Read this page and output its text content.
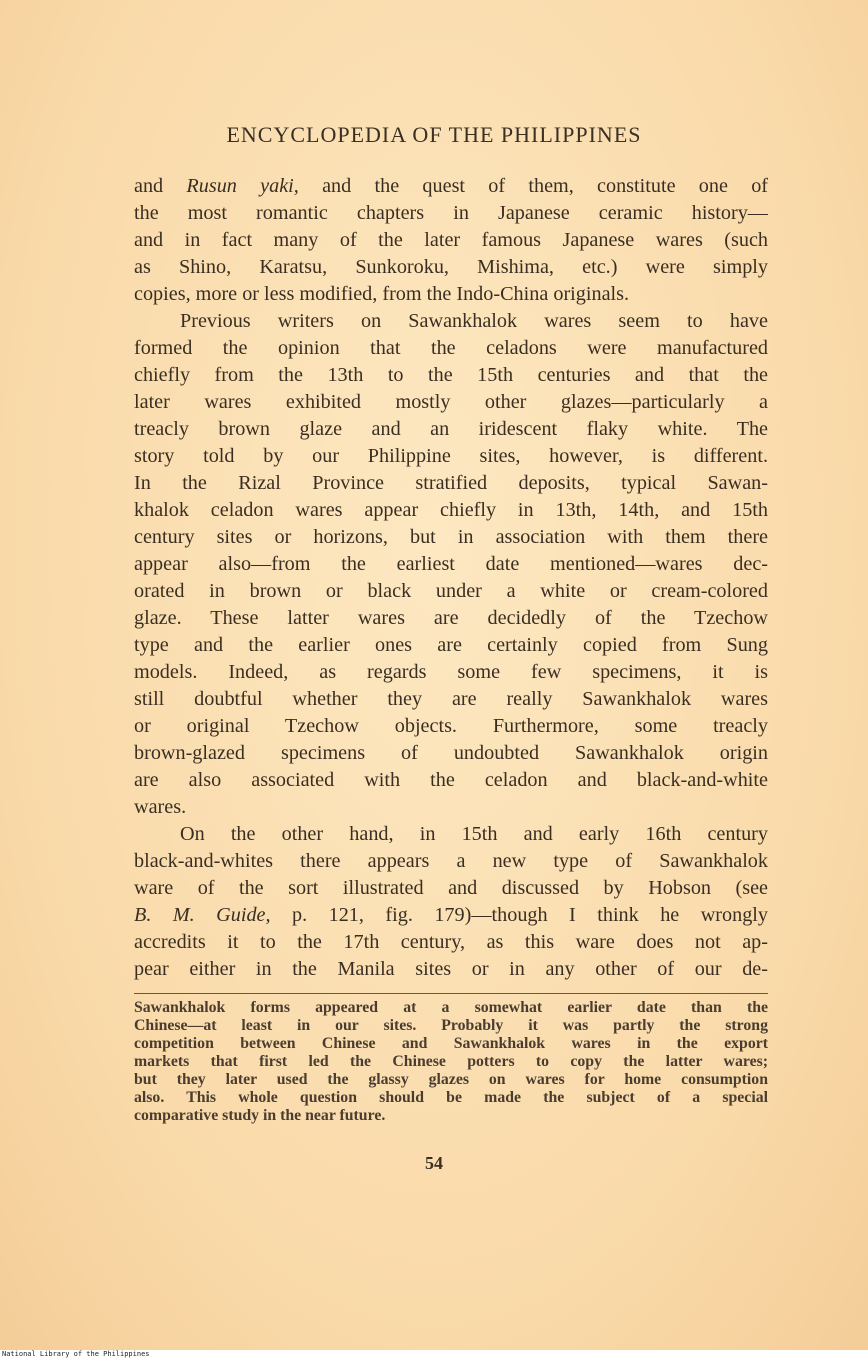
ENCYCLOPEDIA OF THE PHILIPPINES
and Rusun yaki, and the quest of them, constitute one of
the most romantic chapters in Japanese ceramic history—
and in fact many of the later famous Japanese wares (such
as Shino, Karatsu, Sunkoroku, Mishima, etc.) were simply
copies, more or less modified, from the Indo-China originals.
Previous writers on Sawankhalok wares seem to have
formed the opinion that the celadons were manufactured
chiefly from the 13th to the 15th centuries and that the
later wares exhibited mostly other glazes—particularly a
treacly brown glaze and an iridescent flaky white. The
story told by our Philippine sites, however, is different.
In the Rizal Province stratified deposits, typical Sawan-
khalok celadon wares appear chiefly in 13th, 14th, and 15th
century sites or horizons, but in association with them there
appear also—from the earliest date mentioned—wares dec-
orated in brown or black under a white or cream-colored
glaze. These latter wares are decidedly of the Tzechow
type and the earlier ones are certainly copied from Sung
models. Indeed, as regards some few specimens, it is
still doubtful whether they are really Sawankhalok wares
or original Tzechow objects. Furthermore, some treacly
brown-glazed specimens of undoubted Sawankhalok origin
are also associated with the celadon and black-and-white
wares.
On the other hand, in 15th and early 16th century
black-and-whites there appears a new type of Sawankhalok
ware of the sort illustrated and discussed by Hobson (see
B. M. Guide, p. 121, fig. 179)—though I think he wrongly
accredits it to the 17th century, as this ware does not ap-
pear either in the Manila sites or in any other of our de-
Sawankhalok forms appeared at a somewhat earlier date than the
Chinese—at least in our sites. Probably it was partly the strong
competition between Chinese and Sawankhalok wares in the export
markets that first led the Chinese potters to copy the latter wares;
but they later used the glassy glazes on wares for home consumption
also. This whole question should be made the subject of a special
comparative study in the near future.
54
National Library of the Philippines
